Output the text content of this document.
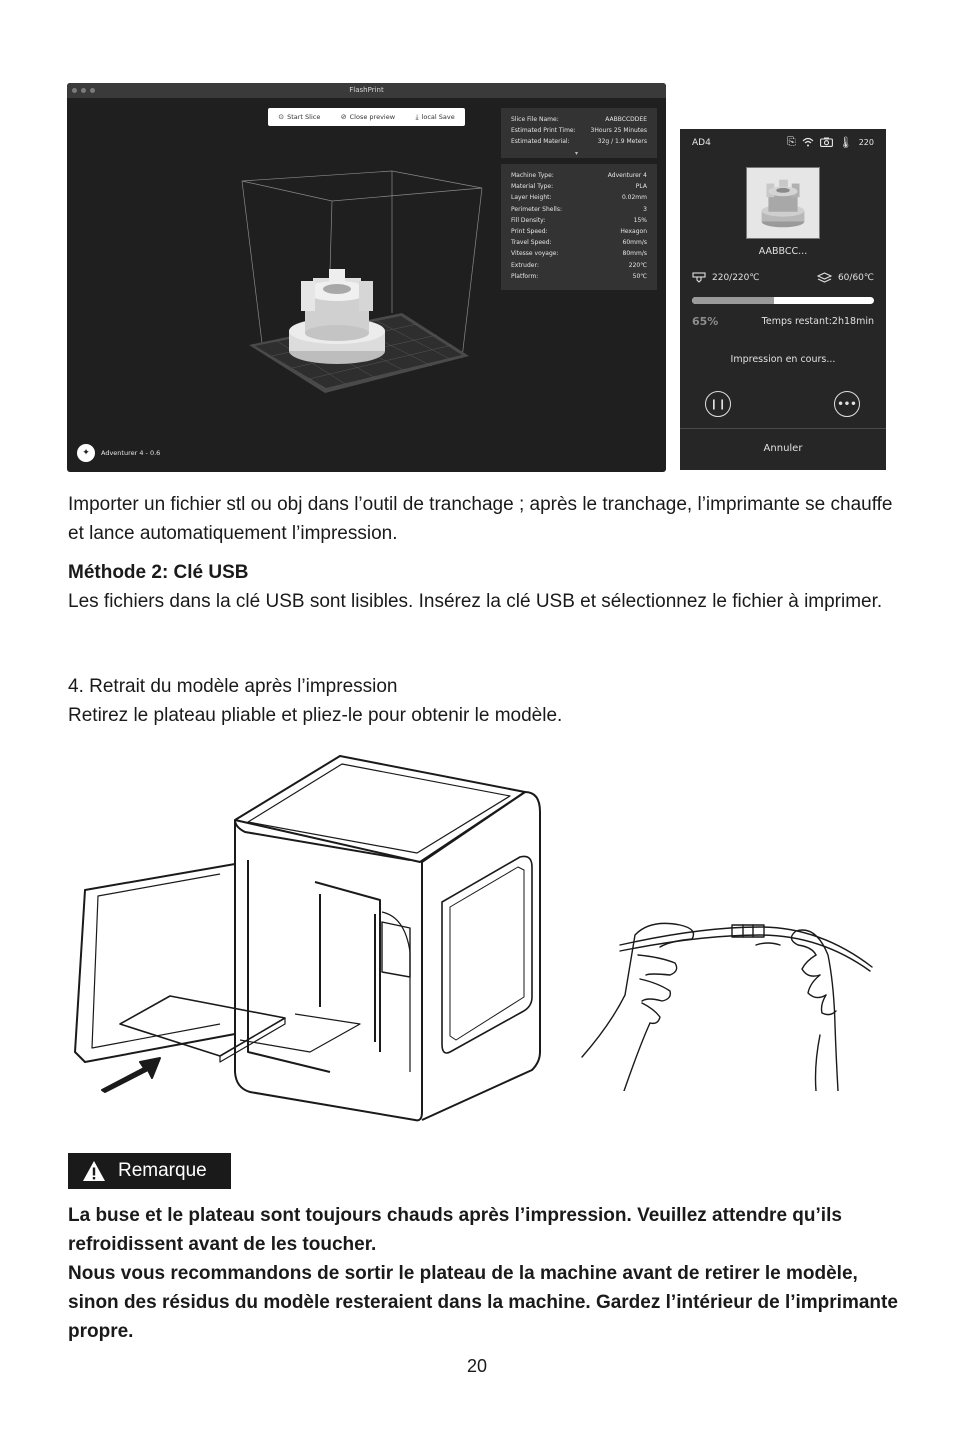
FlashPrint
⊙ Start Slice	⊘ Close preview	⤓ local Save	Slice File Name:	AABBCCDDEE
Estimated Print Time: 3Hours 25 Minutes
Estimated Material:	32g / 1.9 Meters
▾
Machine Type:	Adventurer 4
Material Type:	PLA
Layer Height:	0.02mm
Perimeter Shells:	3
Fill Density:	15%
Print Speed:	Hexagon
Travel Speed:	60mm/s
Vitesse voyage:	80mm/s
Extruder:	220℃
Platform:	50℃
✦	Adventurer 4 - 0.6
AD4	⎘	🌡︎ 220
AABBCC...
220/220℃	60/60℃
65%	Temps restant:2h18min
Impression en cours...
❙❙	•••
Annuler

Importer un fichier stl ou obj dans l’outil de tranchage ; après le tranchage, l’imprimante se chauffe et lance automatiquement l’impression.

Méthode 2: Clé USB

Les fichiers dans la clé USB sont lisibles. Insérez la clé USB et sélectionnez le fichier à imprimer.

4. Retrait du modèle après l’impression

Retirez le plateau pliable et pliez-le pour obtenir le modèle.

Remarque

La buse et le plateau sont toujours chauds après l’impression. Veuillez attendre qu’ils refroidissent avant de les toucher.

Nous vous recommandons de sortir le plateau de la machine avant de retirer le modèle, sinon des résidus du modèle resteraient dans la machine. Gardez l’intérieur de l’imprimante propre.

20
